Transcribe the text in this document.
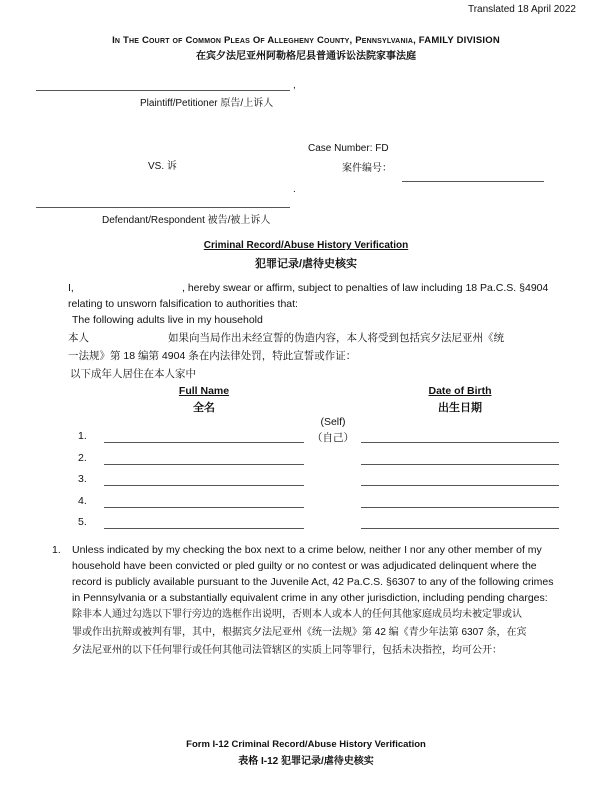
Translated 18 April 2022
In The Court of Common Pleas Of Allegheny County, Pennsylvania, FAMILY DIVISION
在宾夕法尼亚州阿勒格尼县普通诉讼法院家事法庭
,
Plaintiff/Petitioner 原告/上诉人
VS. 诉
Case Number: FD
案件编号：
.
Defendant/Respondent 被告/被上诉人
Criminal Record/Abuse History Verification
犯罪记录/虐待史核实
I,	, hereby swear or affirm, subject to penalties of law including 18 Pa.C.S. §4904
relating to unsworn falsification to authorities that:
The following adults live in my household
本人	如果向当局作出未经宣誓的伪造内容，本人将受到包括宾夕法尼亚州《统
一法规》第 18 编第 4904 条在内法律处罚，特此宣誓或作证：
以下成年人居住在本人家中
Full Name
全名
Date of Birth
出生日期
(Self)
（自己）
1.
2.
3.
4.
5.
1. Unless indicated by my checking the box next to a crime below, neither I nor any other member of my
household have been convicted or pled guilty or no contest or was adjudicated delinquent where the
record is publicly available pursuant to the Juvenile Act, 42 Pa.C.S. §6307 to any of the following crimes
in Pennsylvania or a substantially equivalent crime in any other jurisdiction, including pending charges:
除非本人通过勾选以下罪行旁边的选框作出说明，否则本人或本人的任何其他家庭成员均未被定罪或认
罪或作出抗辩或被判有罪，其中，根据宾夕法尼亚州《统一法规》第 42 编《青少年法第 6307 条，在宾
夕法尼亚州的以下任何罪行或任何其他司法管辖区的实质上同等罪行，包括未决指控，均可公开：
Form I-12 Criminal Record/Abuse History Verification
表格 I-12 犯罪记录/虐待史核实
